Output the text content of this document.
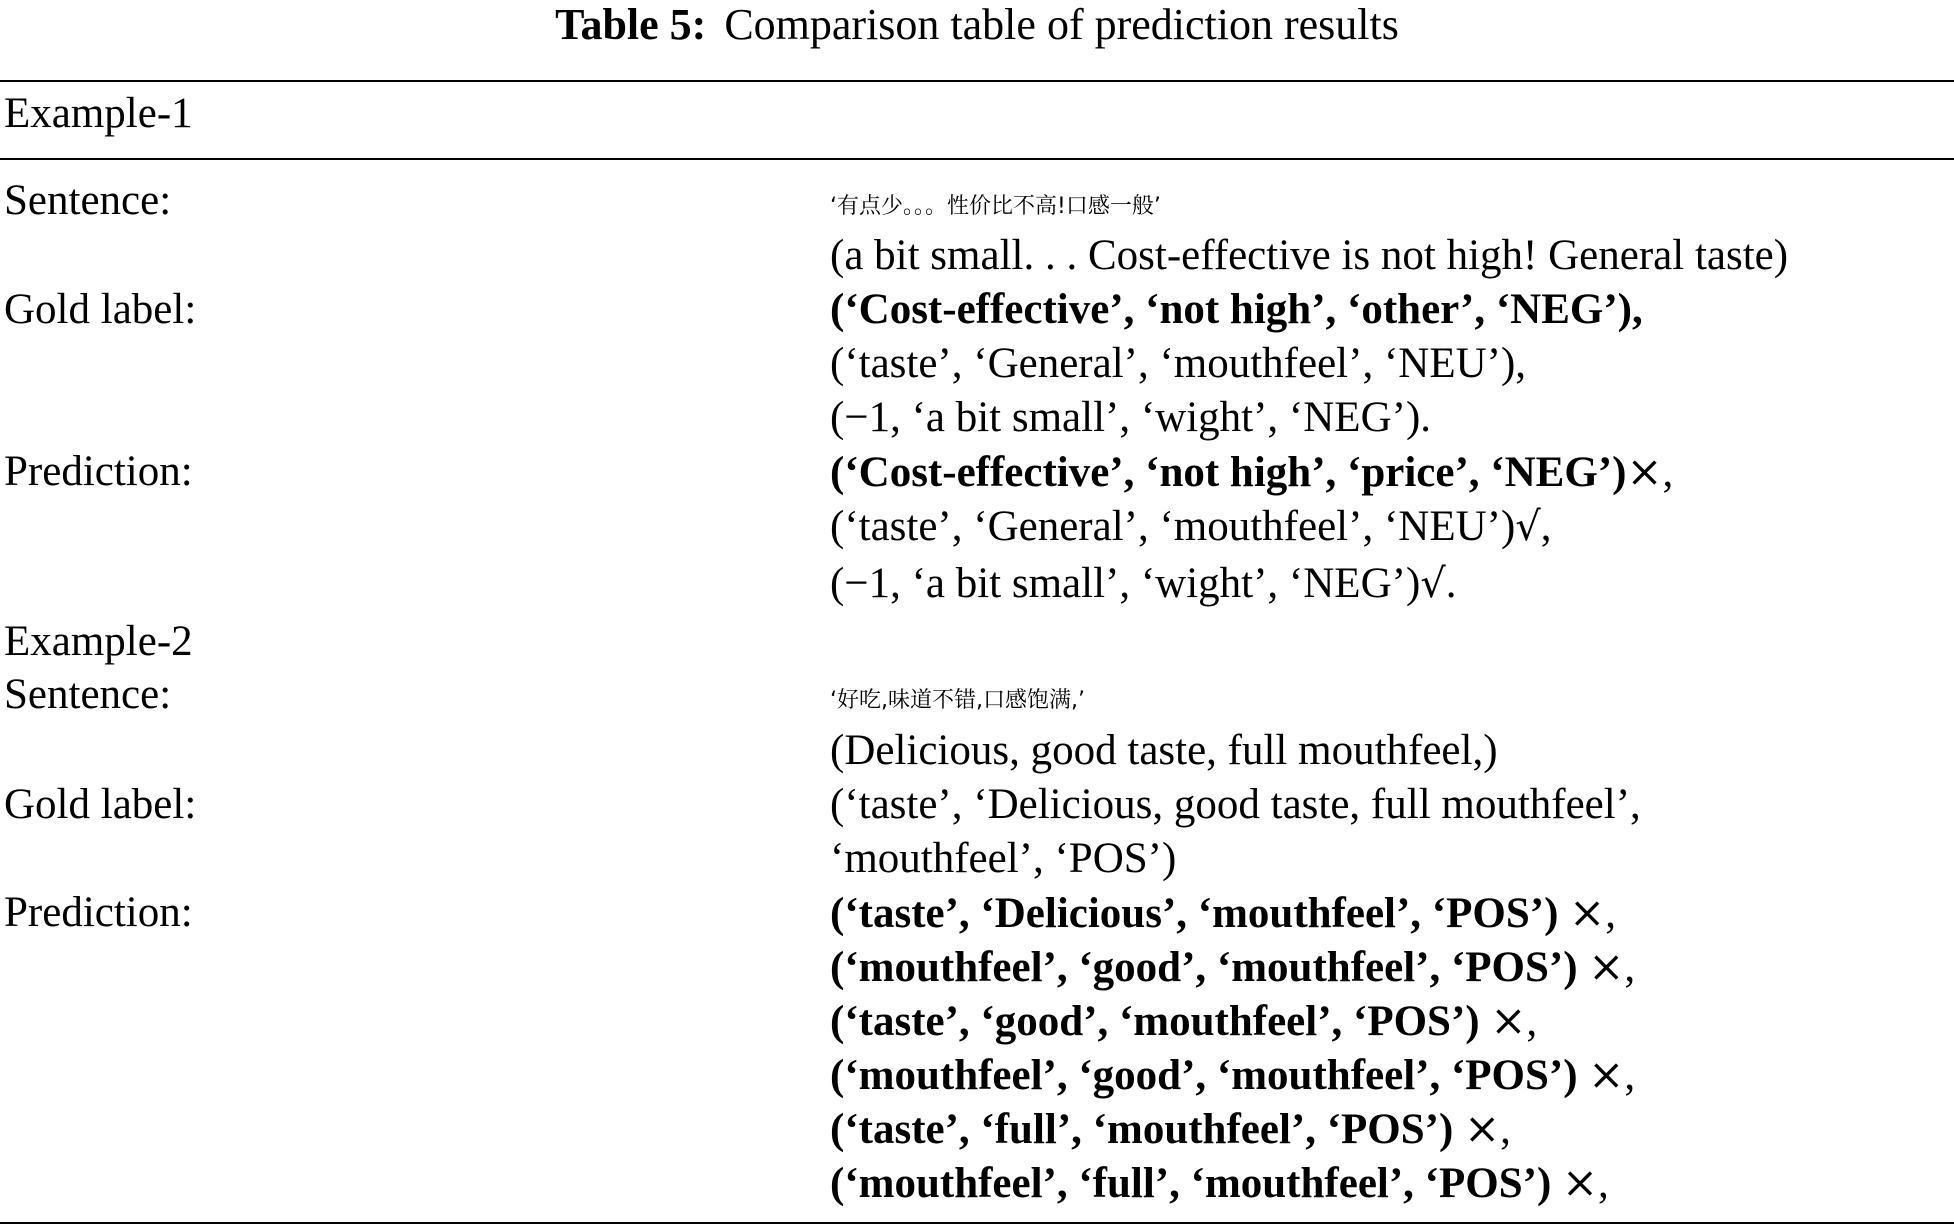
Table 5: Comparison table of prediction results
Example-1
Sentence:	$^{‘有点少。。。性价比不高!口感一般’}$
(a bit small. . . Cost-effective is not high! General taste)
Gold label:	(‘Cost-effective’, ‘not high’, ‘other’, ‘NEG’),
(‘taste’, ‘General’, ‘mouthfeel’, ‘NEU’),
(−1, ‘a bit small’, ‘wight’, ‘NEG’).
Prediction:	(‘Cost-effective’, ‘not high’, ‘price’, ‘NEG’)×,
(‘taste’, ‘General’, ‘mouthfeel’, ‘NEU’)√,
(−1, ‘a bit small’, ‘wight’, ‘NEG’)√.
Example-2
Sentence:	$^{‘好吃,味道不错,口感饱满,’}$
(Delicious, good taste, full mouthfeel,)
Gold label:	(‘taste’, ‘Delicious, good taste, full mouthfeel’,
‘mouthfeel’, ‘POS’)
Prediction:	(‘taste’, ‘Delicious’, ‘mouthfeel’, ‘POS’) ×,
(‘mouthfeel’, ‘good’, ‘mouthfeel’, ‘POS’) ×,
(‘taste’, ‘good’, ‘mouthfeel’, ‘POS’) ×,
(‘mouthfeel’, ‘good’, ‘mouthfeel’, ‘POS’) ×,
(‘taste’, ‘full’, ‘mouthfeel’, ‘POS’) ×,
(‘mouthfeel’, ‘full’, ‘mouthfeel’, ‘POS’) ×,
